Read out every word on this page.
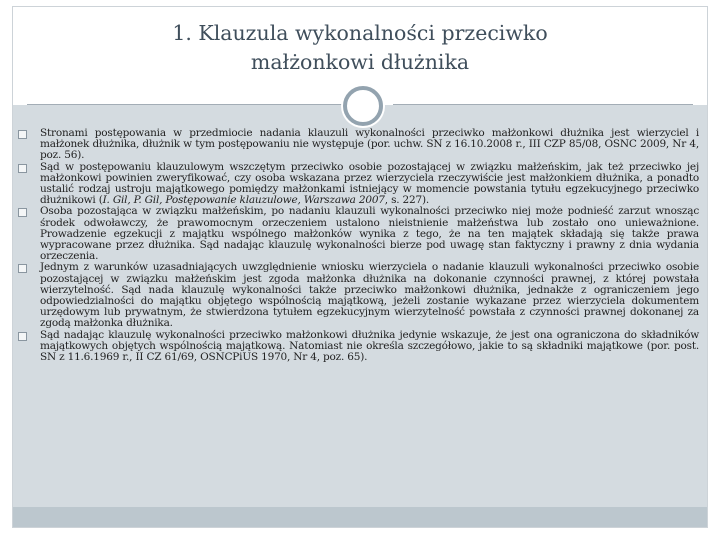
1. Klauzula wykonalności przeciwko
małżonkowi dłużnika
Stronami postępowania w przedmiocie nadania klauzuli wykonalności przeciwko małżonkowi dłużnika jest wierzyciel i małżonek dłużnika, dłużnik w tym postępowaniu nie występuje (por. uchw. SN z 16.10.2008 r., III CZP 85/08, OSNC 2009, Nr 4, poz. 56).
Sąd w postępowaniu klauzulowym wszczętym przeciwko osobie pozostającej w związku małżeńskim, jak też przeciwko jej małżonkowi powinien zweryfikować, czy osoba wskazana przez wierzyciela rzeczywiście jest małżonkiem dłużnika, a ponadto ustalić rodzaj ustroju majątkowego pomiędzy małżonkami istniejący w momencie powstania tytułu egzekucyjnego przeciwko dłużnikowi (I. Gil, P. Gil, Postępowanie klauzulowe, Warszawa 2007, s. 227).
Osoba pozostająca w związku małżeńskim, po nadaniu klauzuli wykonalności przeciwko niej może podnieść zarzut wnosząc środek odwoławczy, że prawomocnym orzeczeniem ustalono nieistnienie małżeństwa lub zostało ono unieważnione. Prowadzenie egzekucji z majątku wspólnego małżonków wynika z tego, że na ten majątek składają się także prawa wypracowane przez dłużnika. Sąd nadając klauzulę wykonalności bierze pod uwagę stan faktyczny i prawny z dnia wydania orzeczenia.
Jednym z warunków uzasadniających uwzględnienie wniosku wierzyciela o nadanie klauzuli wykonalności przeciwko osobie pozostającej w związku małżeńskim jest zgoda małżonka dłużnika na dokonanie czynności prawnej, z której powstała wierzytelność. Sąd nada klauzulę wykonalności także przeciwko małżonkowi dłużnika, jednakże z ograniczeniem jego odpowiedzialności do majątku objętego wspólnością majątkową, jeżeli zostanie wykazane przez wierzyciela dokumentem urzędowym lub prywatnym, że stwierdzona tytułem egzekucyjnym wierzytelność powstała z czynności prawnej dokonanej za zgodą małżonka dłużnika.
Sąd nadając klauzulę wykonalności przeciwko małżonkowi dłużnika jedynie wskazuje, że jest ona ograniczona do składników majątkowych objętych wspólnością majątkową. Natomiast nie określa szczegółowo, jakie to są składniki majątkowe (por. post. SN z 11.6.1969 r., II CZ 61/69, OSNCPiUS 1970, Nr 4, poz. 65).
